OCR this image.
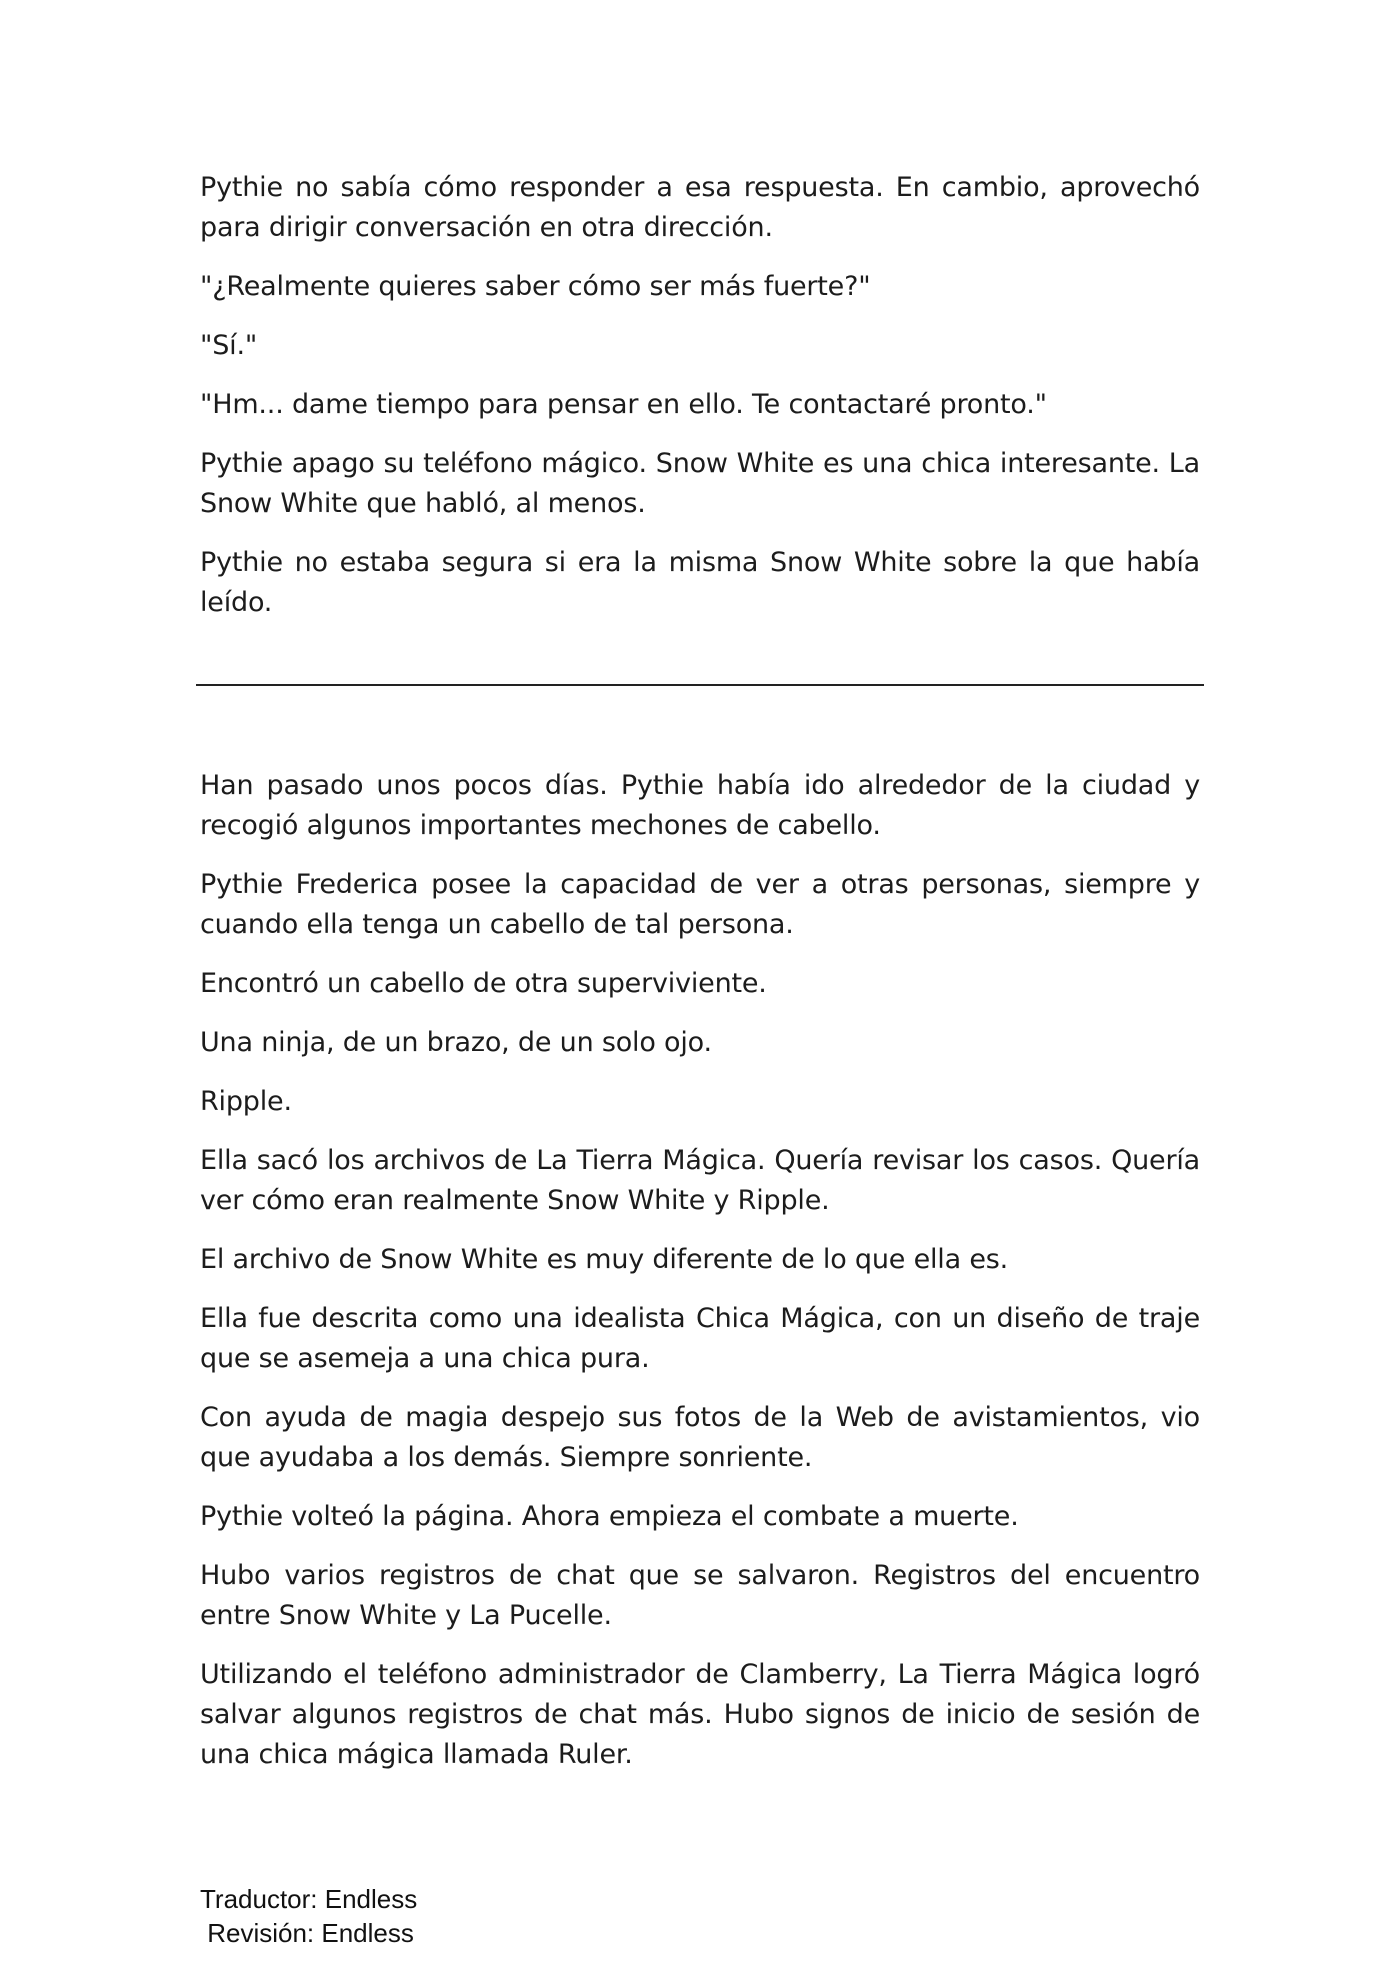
Pythie no sabía cómo responder a esa respuesta. En cambio, aprovechó para dirigir conversación en otra dirección.

"¿Realmente quieres saber cómo ser más fuerte?"

"Sí."

"Hm... dame tiempo para pensar en ello. Te contactaré pronto."

Pythie apago su teléfono mágico. Snow White es una chica interesante. La Snow White que habló, al menos.

Pythie no estaba segura si era la misma Snow White sobre la que había leído.

Han pasado unos pocos días. Pythie había ido alrededor de la ciudad y recogió algunos importantes mechones de cabello.

Pythie Frederica posee la capacidad de ver a otras personas, siempre y cuando ella tenga un cabello de tal persona.

Encontró un cabello de otra superviviente.

Una ninja, de un brazo, de un solo ojo.

Ripple.

Ella sacó los archivos de La Tierra Mágica. Quería revisar los casos. Quería ver cómo eran realmente Snow White y Ripple.

El archivo de Snow White es muy diferente de lo que ella es.

Ella fue descrita como una idealista Chica Mágica, con un diseño de traje que se asemeja a una chica pura.

Con ayuda de magia despejo sus fotos de la Web de avistamientos, vio que ayudaba a los demás. Siempre sonriente.

Pythie volteó la página. Ahora empieza el combate a muerte.

Hubo varios registros de chat que se salvaron. Registros del encuentro entre Snow White y La Pucelle.

Utilizando el teléfono administrador de Clamberry, La Tierra Mágica logró salvar algunos registros de chat más. Hubo signos de inicio de sesión de una chica mágica llamada Ruler.

Traductor: Endless
Revisión: Endless
